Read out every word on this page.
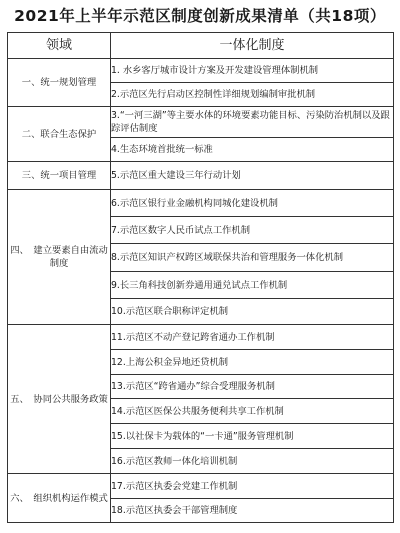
2021年上半年示范区制度创新成果清单（共18项）
领域	一体化制度
一、统一规划管理	1. 水乡客厅城市设计方案及开发建设管理体制机制
	2.示范区先行启动区控制性详细规划编制审批机制
二、联合生态保护	3.“一河三湖”等主要水体的环境要素功能目标、污染防治机制以及跟踪评估制度
	4.生态环境首批统一标准
三、统一项目管理	5.示范区重大建设三年行动计划
四、　建立要素自由流动制度	6.示范区银行业金融机构同城化建设机制
	7.示范区数字人民币试点工作机制
	8.示范区知识产权跨区域联保共治和管理服务一体化机制
	9.长三角科技创新券通用通兑试点工作机制
	10.示范区联合职称评定机制
五、　协同公共服务政策	11.示范区不动产登记跨省通办工作机制
	12.上海公积金异地还贷机制
	13.示范区“跨省通办”综合受理服务机制
	14.示范区医保公共服务便利共享工作机制
	15.以社保卡为载体的“一卡通”服务管理机制
	16.示范区教师一体化培训机制
六、　组织机构运作模式	17.示范区执委会党建工作机制
	18.示范区执委会干部管理制度
